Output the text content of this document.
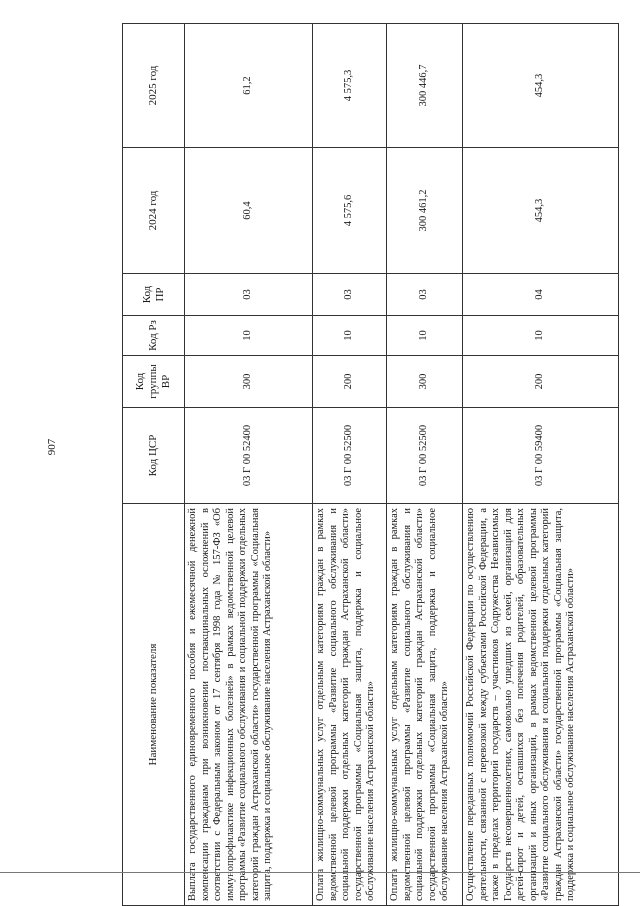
907
Наименование показателя	Код ЦСР	Код группы ВР	Код Рз	Код ПР	2024 год	2025 год
Выплата государственного единовременного пособия и ежемесячной денежной компенсации гражданам при возникновении поствакцинальных осложнений в соответствии с Федеральным законом от 17 сентября 1998 года № 157-ФЗ «Об иммунопрофилактике инфекционных болезней» в рамках ведомственной целевой программы «Развитие социального обслуживания и социальной поддержки отдельных категорий граждан Астраханской области» государственной программы «Социальная защита, поддержка и социальное обслуживание населения Астраханской области»	03 Г 00 52400	300	10	03	60,4	61,2
Оплата жилищно-коммунальных услуг отдельным категориям граждан в рамках ведомственной целевой программы «Развитие социального обслуживания и социальной поддержки отдельных категорий граждан Астраханской области» государственной программы «Социальная защита, поддержка и социальное обслуживание населения Астраханской области»	03 Г 00 52500	200	10	03	4 575,6	4 575,3
Оплата жилищно-коммунальных услуг отдельным категориям граждан в рамках ведомственной целевой программы «Развитие социального обслуживания и социальной поддержки отдельных категорий граждан Астраханской области» государственной программы «Социальная защита, поддержка и социальное обслуживание населения Астраханской области»	03 Г 00 52500	300	10	03	300 461,2	300 446,7
Осуществление переданных полномочий Российской Федерации по осуществлению деятельности, связанной с перевозкой между субъектами Российской Федерации, а также в пределах территорий государств – участников Содружества Независимых Государств несовершеннолетних, самовольно ушедших из семей, организаций для детей-сирот и детей, оставшихся без попечения родителей, образовательных организаций и иных организаций, в рамках ведомственной целевой программы «Развитие социального обслуживания и социальной поддержки отдельных категорий граждан Астраханской области» государственной программы «Социальная защита, поддержка и социальное обслуживание населения Астраханской области»	03 Г 00 59400	200	10	04	454,3	454,3
